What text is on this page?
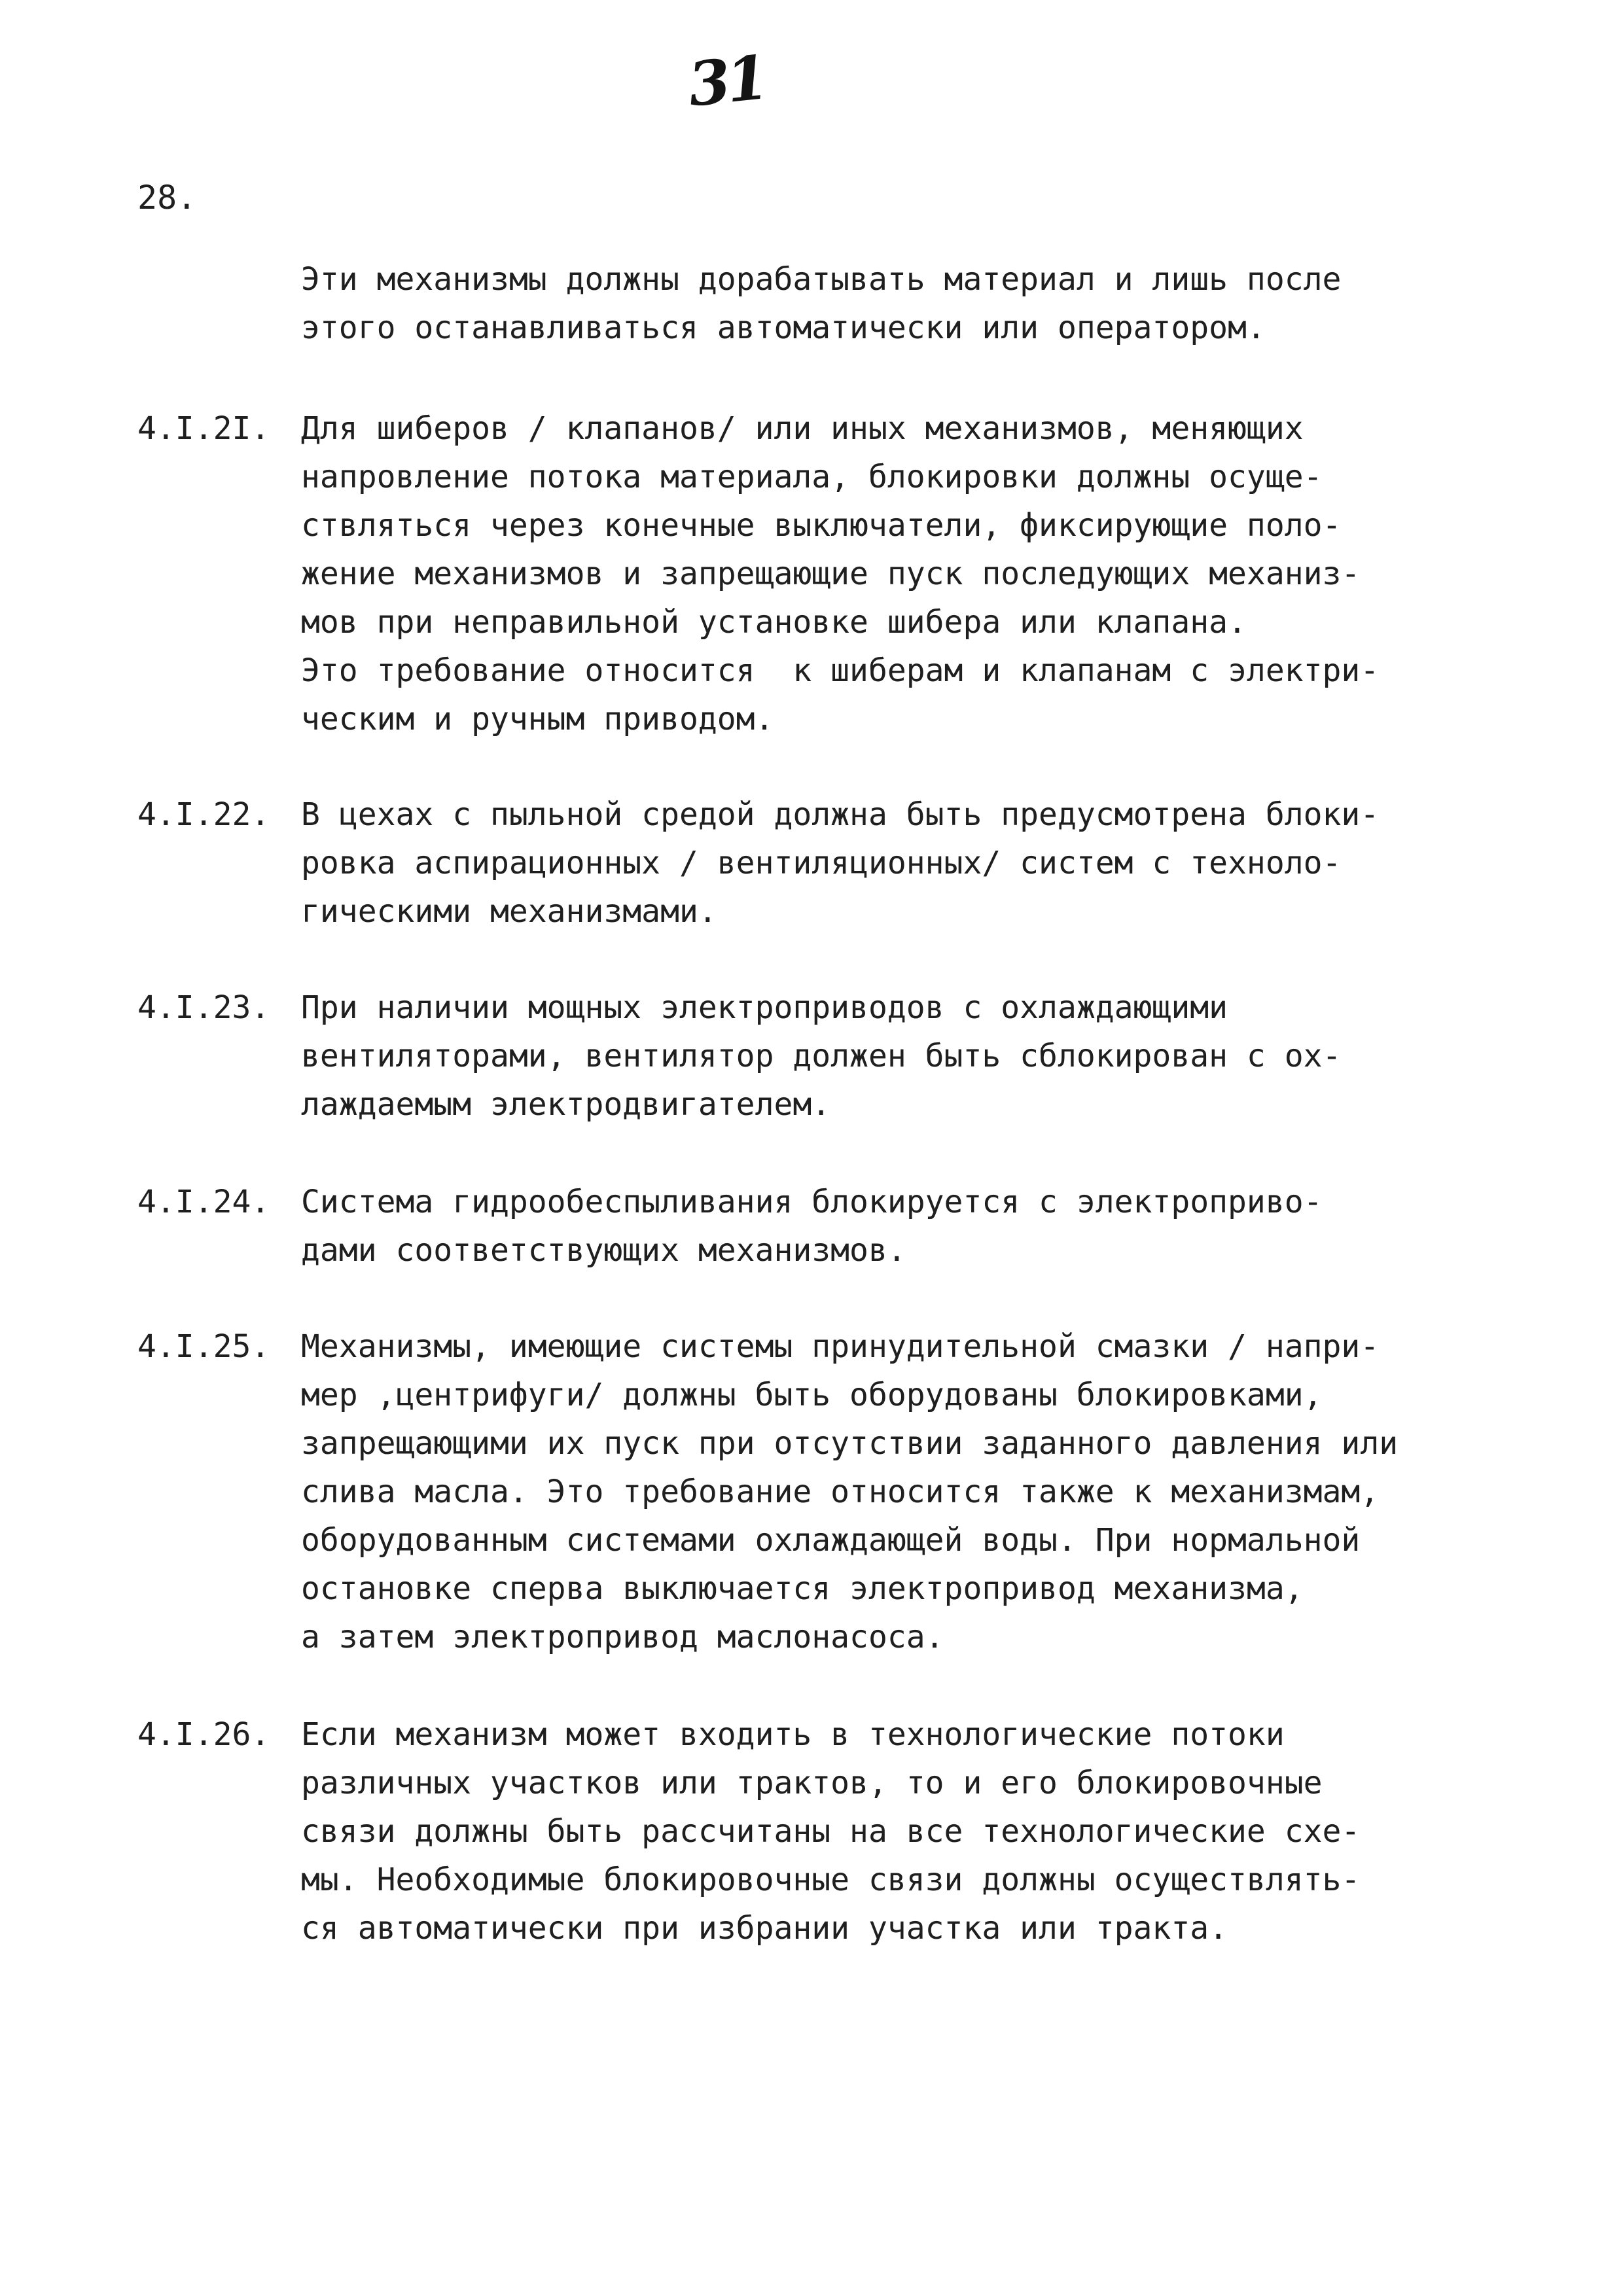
31
28.
Эти механизмы должны дорабатывать материал и лишь после
этого останавливаться автоматически или оператором.
4.I.2I. Для шиберов / клапанов/ или иных механизмов, меняющих
напровление потока материала, блокировки должны осуще-
ствляться через конечные выключатели, фиксирующие поло-
жение механизмов и запрещающие пуск последующих механиз-
мов при неправильной установке шибера или клапана.
Это требование относится  к шиберам и клапанам с электри-
ческим и ручным приводом.
4.I.22. В цехах с пыльной средой должна быть предусмотрена блоки-
ровка аспирационных / вентиляционных/ систем с техноло-
гическими механизмами.
4.I.23. При наличии мощных электроприводов с охлаждающими
вентиляторами, вентилятор должен быть сблокирован с ох-
лаждаемым электродвигателем.
4.I.24. Система гидрообеспыливания блокируется с электроприво-
дами соответствующих механизмов.
4.I.25. Механизмы, имеющие системы принудительной смазки / напри-
мер ,центрифуги/ должны быть оборудованы блокировками,
запрещающими их пуск при отсутствии заданного давления или
слива масла. Это требование относится также к механизмам,
оборудованным системами охлаждающей воды. При нормальной
остановке сперва выключается электропривод механизма,
а затем электропривод маслонасоса.
4.I.26. Если механизм может входить в технологические потоки
различных участков или трактов, то и его блокировочные
связи должны быть рассчитаны на все технологические схе-
мы. Необходимые блокировочные связи должны осуществлять-
ся автоматически при избрании участка или тракта.
